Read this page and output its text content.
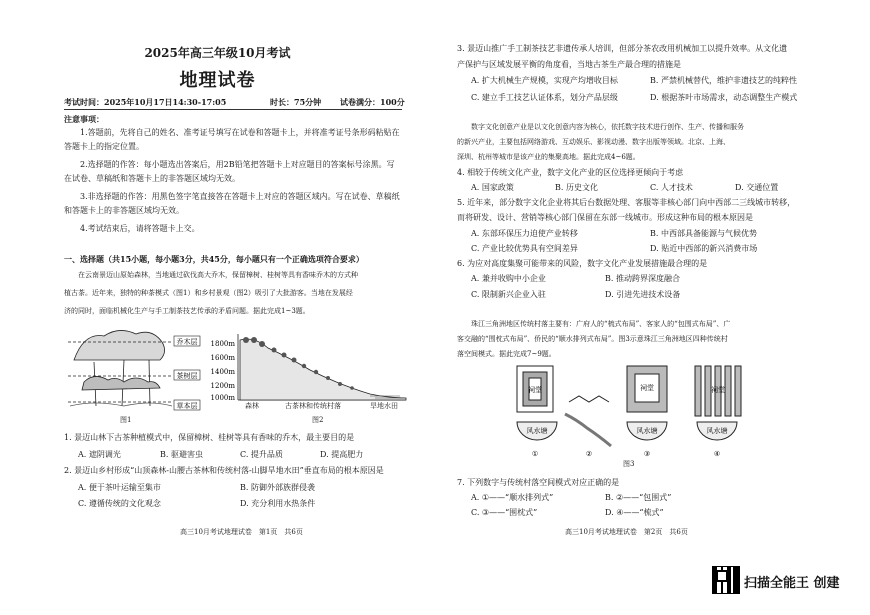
2025年高三年级10月考试
地理试卷
考试时间：2025年10月17日14:30-17:05	时长：75分钟 试卷满分：100分
注意事项：
1.答题前，先将自己的姓名、准考证号填写在试卷和答题卡上，并将准考证号条形码粘贴在
答题卡上的指定位置。
2.选择题的作答：每小题选出答案后，用2B铅笔把答题卡上对应题目的答案标号涂黑。写
在试卷、草稿纸和答题卡上的非答题区域均无效。
3.非选择题的作答：用黑色签字笔直接答在答题卡上对应的答题区域内。写在试卷、草稿纸
和答题卡上的非答题区域均无效。
4.考试结束后，请将答题卡上交。
一、选择题（共15小题，每小题3分，共45分，每小题只有一个正确选项符合要求）
在云南景迈山原始森林，当地通过砍伐高大乔木，保留樟树、桂树等具有香味乔木的方式种
植古茶。近年来，独特的种茶模式（图1）和乡村景观（图2）吸引了大批游客。当地在发展经
济的同时，面临机械化生产与手工制茶技艺传承的矛盾问题。据此完成1~3题。
乔木层
茶树层
草本层
图1
1800m
1600m
1400m
1200m
1000m
森林	古茶林和传统村落	旱地水田
图2
1. 景迈山林下古茶种植模式中，保留樟树、桂树等具有香味的乔木，最主要目的是
A. 遮阴调光	B. 驱避害虫	C. 提升品质	D. 提高肥力
2. 景迈山乡村形成“山顶森林-山腰古茶林和传统村落-山脚旱地水田”垂直布局的根本原因是
A. 便于茶叶运输至集市	B. 防御外部族群侵袭
C. 遵循传统的文化观念	D. 充分利用水热条件
高三10月考试地理试卷　第1页　共6页
3. 景迈山推广手工制茶技艺非遗传承人培训，但部分茶农改用机械加工以提升效率。从文化遗
产保护与区域发展平衡的角度看，当地古茶生产最合理的措施是
A. 扩大机械生产规模，实现产均增收目标	B. 严禁机械替代，维护非遗技艺的纯粹性
C. 建立手工技艺认证体系，划分产品层级	D. 根据茶叶市场需求，动态调整生产模式
数字文化创意产业是以文化创意内容为核心，依托数字技术进行创作、生产、传播和服务
的新兴产业，主要包括网络游戏、互动娱乐、影视动漫、数字出版等领域。北京、上海、
深圳、杭州等城市是该产业的集聚高地。据此完成4~6题。
4. 相较于传统文化产业，数字文化产业的区位选择更倾向于考虑
A. 国家政策	B. 历史文化	C. 人才技术	D. 交通位置
5. 近年来，部分数字文化企业将其后台数据处理、客服等非核心部门向中西部二三线城市转移，
而将研发、设计、营销等核心部门保留在东部一线城市。形成这种布局的根本原因是
A. 东部环保压力迫使产业转移	B. 中西部具备能源与气候优势
C. 产业比较优势具有空间差异	D. 贴近中西部的新兴消费市场
6. 为应对高度集聚可能带来的风险，数字文化产业发展措施最合理的是
A. 兼并收购中小企业	B. 推动跨界深度融合
C. 限制新兴企业入驻	D. 引进先进技术设备
珠江三角洲地区传统村落主要有：广府人的“梳式布局”、客家人的“包围式布局”、广
客交融的“围枕式布局”、侨民的“顺水排列式布局”。图3示意珠江三角洲地区四种传统村
落空间模式。据此完成7~9题。
祠堂	祠堂	祠堂
风水塘	风水塘	风水塘
①	②	③	④
图3
7. 下列数字与传统村落空间模式对应正确的是
A. ①——“顺水排列式”	B. ②——“包围式”
C. ③——“围枕式”	D. ④——“梳式”
高三10月考试地理试卷　第2页　共6页
扫描全能王 创建
